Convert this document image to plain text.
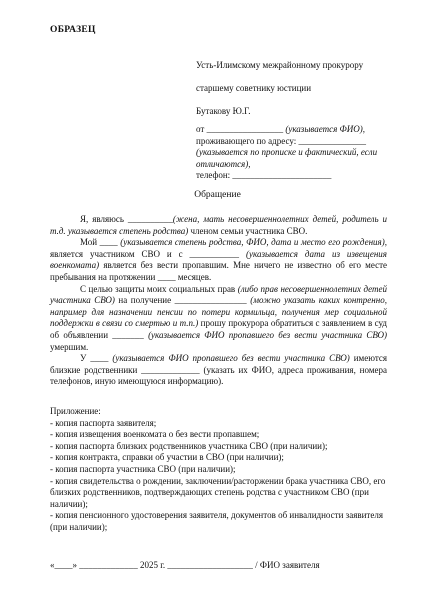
ОБРАЗЕЦ
Усть-Илимскому межрайонному прокурору
старшему советнику юстиции
Бутакову Ю.Г.
от _________________ (указывается ФИО),
проживающего по адресу: _______________
(указывается по прописке и фактический, если отличаются),
телефон: ______________________
Обращение
Я, являюсь __________(жена, мать несовершеннолетних детей, родитель и т.д. указывается степень родства) членом семьи участника СВО.
Мой ____ (указывается степень родства, ФИО, дата и место его рождения), является участником СВО и с ___________ (указывается дата из извещения военкомата) является без вести пропавшим. Мне ничего не известно об его месте пребывания на протяжении ____ месяцев.
С целью защиты моих социальных прав (либо прав несовершеннолетних детей участника СВО) на получение ________________ (можно указать каких контренно, например для назначении пенсии по потери кормильца, получения мер социальной поддержки в связи со смертью и т.п.) прошу прокурора обратиться с заявлением в суд об объявлении _______ (указывается ФИО пропавшего без вести участника СВО) умершим.
У ____ (указывается ФИО пропавшего без вести участника СВО) имеются близкие родственники _____________ (указать их ФИО, адреса проживания, номера телефонов, иную имеющуюся информацию).
Приложение:
- копия паспорта заявителя;
- копия извещения военкомата о без вести пропавшем;
- копия паспорта близких родственников участника СВО (при наличии);
- копия контракта, справки об участии в СВО (при наличии);
- копия паспорта участника СВО (при наличии);
- копия свидетельства о рождении, заключении/расторжении брака участника СВО, его близких родственников, подтверждающих степень родства с участником СВО (при наличии);
- копия пенсионного удостоверения заявителя, документов об инвалидности заявителя (при наличии);
«____» _____________ 2025 г. ___________________ / ФИО заявителя
